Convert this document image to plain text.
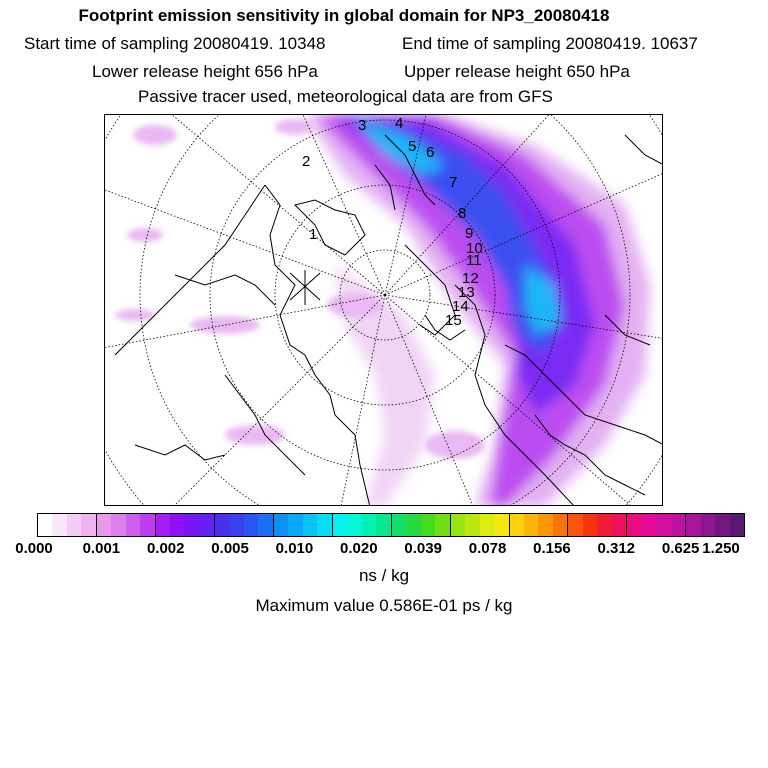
Footprint emission sensitivity in global domain for NP3_20080418
Start time of sampling 20080419. 10348	End time of sampling 20080419. 10637
Lower release height 656 hPa	Upper release height 650 hPa
Passive tracer used, meteorological data are from GFS
1
2
3 4
5 6
7
8
9
10
11
12
13
14
15
0.000 0.001 0.002 0.005 0.010 0.020 0.039 0.078 0.156 0.312 0.625 1.250
ns / kg
Maximum value 0.586E-01 ps / kg
